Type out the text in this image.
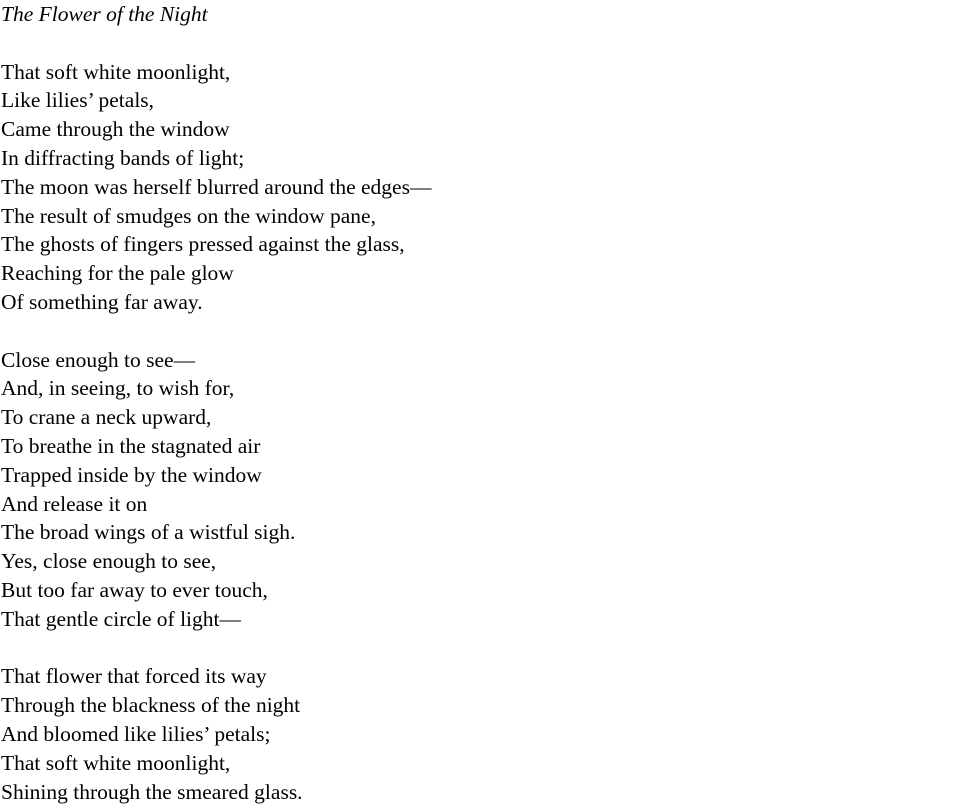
The Flower of the Night
That soft white moonlight,
Like lilies’ petals,
Came through the window
In diffracting bands of light;
The moon was herself blurred around the edges—
The result of smudges on the window pane,
The ghosts of fingers pressed against the glass,
Reaching for the pale glow
Of something far away.
Close enough to see—
And, in seeing, to wish for,
To crane a neck upward,
To breathe in the stagnated air
Trapped inside by the window
And release it on
The broad wings of a wistful sigh.
Yes, close enough to see,
But too far away to ever touch,
That gentle circle of light—
That flower that forced its way
Through the blackness of the night
And bloomed like lilies’ petals;
That soft white moonlight,
Shining through the smeared glass.
